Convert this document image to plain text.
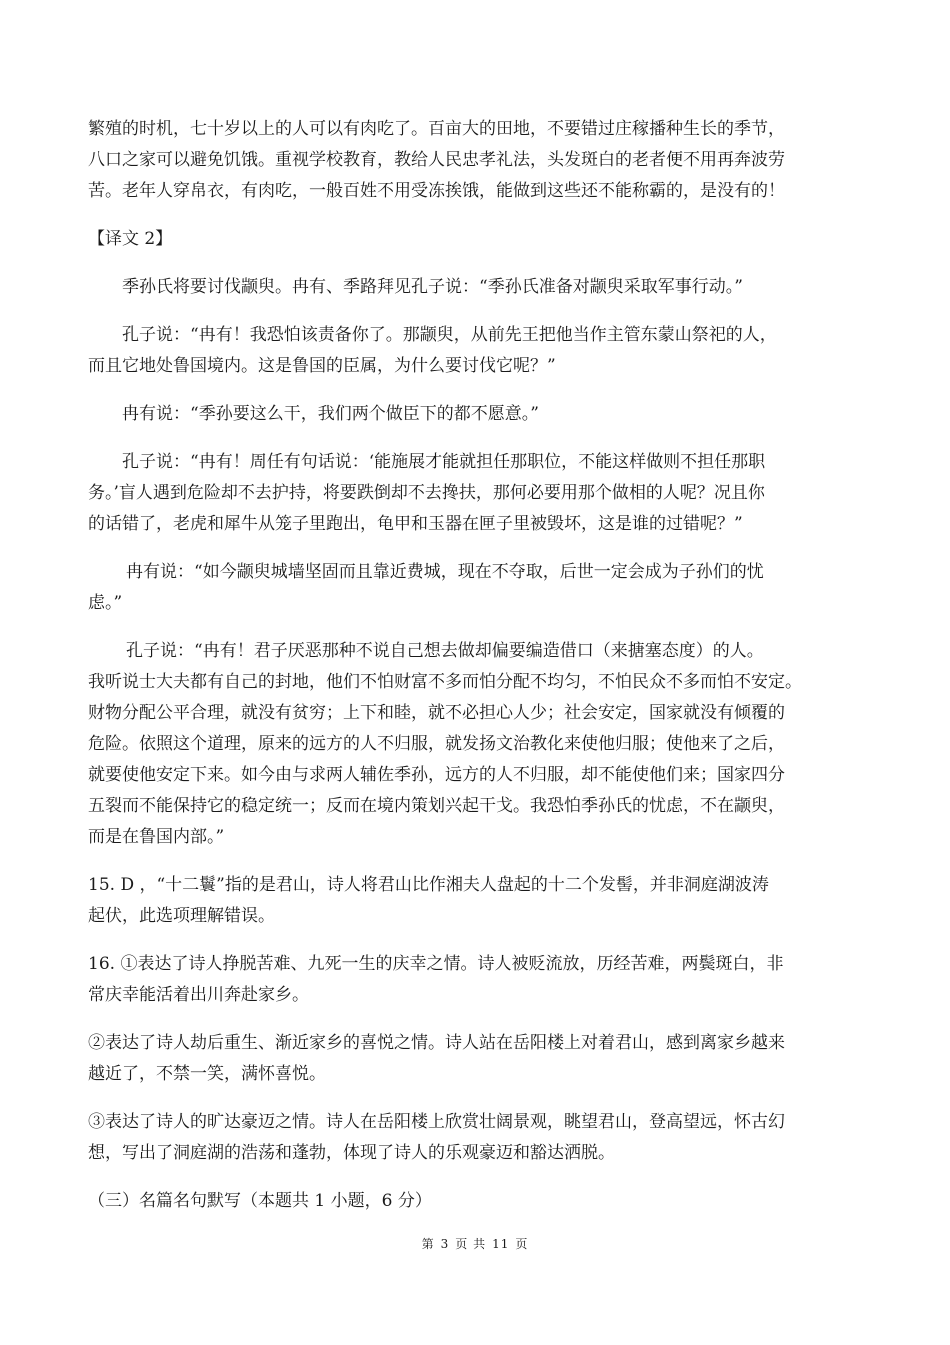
繁殖的时机，七十岁以上的人可以有肉吃了。百亩大的田地，不要错过庄稼播种生长的季节，
八口之家可以避免饥饿。重视学校教育，教给人民忠孝礼法，头发斑白的老者便不用再奔波劳
苦。老年人穿帛衣，有肉吃，一般百姓不用受冻挨饿，能做到这些还不能称霸的，是没有的！
【译文 2】
季孙氏将要讨伐颛臾。冉有、季路拜见孔子说：“季孙氏准备对颛臾采取军事行动。”
孔子说：“冉有！我恐怕该责备你了。那颛臾，从前先王把他当作主管东蒙山祭祀的人，
而且它地处鲁国境内。这是鲁国的臣属，为什么要讨伐它呢？”
冉有说：“季孙要这么干，我们两个做臣下的都不愿意。”
孔子说：“冉有！周任有句话说：‘能施展才能就担任那职位，不能这样做则不担任那职
务。’盲人遇到危险却不去护持，将要跌倒却不去搀扶，那何必要用那个做相的人呢？况且你
的话错了，老虎和犀牛从笼子里跑出，龟甲和玉器在匣子里被毁坏，这是谁的过错呢？”
冉有说：“如今颛臾城墙坚固而且靠近费城，现在不夺取，后世一定会成为子孙们的忧
虑。”
孔子说：“冉有！君子厌恶那种不说自己想去做却偏要编造借口（来搪塞态度）的人。
我听说士大夫都有自己的封地，他们不怕财富不多而怕分配不均匀，不怕民众不多而怕不安定。
财物分配公平合理，就没有贫穷；上下和睦，就不必担心人少；社会安定，国家就没有倾覆的
危险。依照这个道理，原来的远方的人不归服，就发扬文治教化来使他归服；使他来了之后，
就要使他安定下来。如今由与求两人辅佐季孙，远方的人不归服，却不能使他们来；国家四分
五裂而不能保持它的稳定统一；反而在境内策划兴起干戈。我恐怕季孙氏的忧虑，不在颛臾，
而是在鲁国内部。”
15. D ，“十二鬟”指的是君山，诗人将君山比作湘夫人盘起的十二个发髻，并非洞庭湖波涛
起伏，此选项理解错误。
16. ①表达了诗人挣脱苦难、九死一生的庆幸之情。诗人被贬流放，历经苦难，两鬓斑白，非
常庆幸能活着出川奔赴家乡。
②表达了诗人劫后重生、渐近家乡的喜悦之情。诗人站在岳阳楼上对着君山，感到离家乡越来
越近了，不禁一笑，满怀喜悦。
③表达了诗人的旷达豪迈之情。诗人在岳阳楼上欣赏壮阔景观，眺望君山，登高望远，怀古幻
想，写出了洞庭湖的浩荡和蓬勃，体现了诗人的乐观豪迈和豁达洒脱。
（三）名篇名句默写（本题共 1 小题，6 分）
第 3 页 共 11 页
